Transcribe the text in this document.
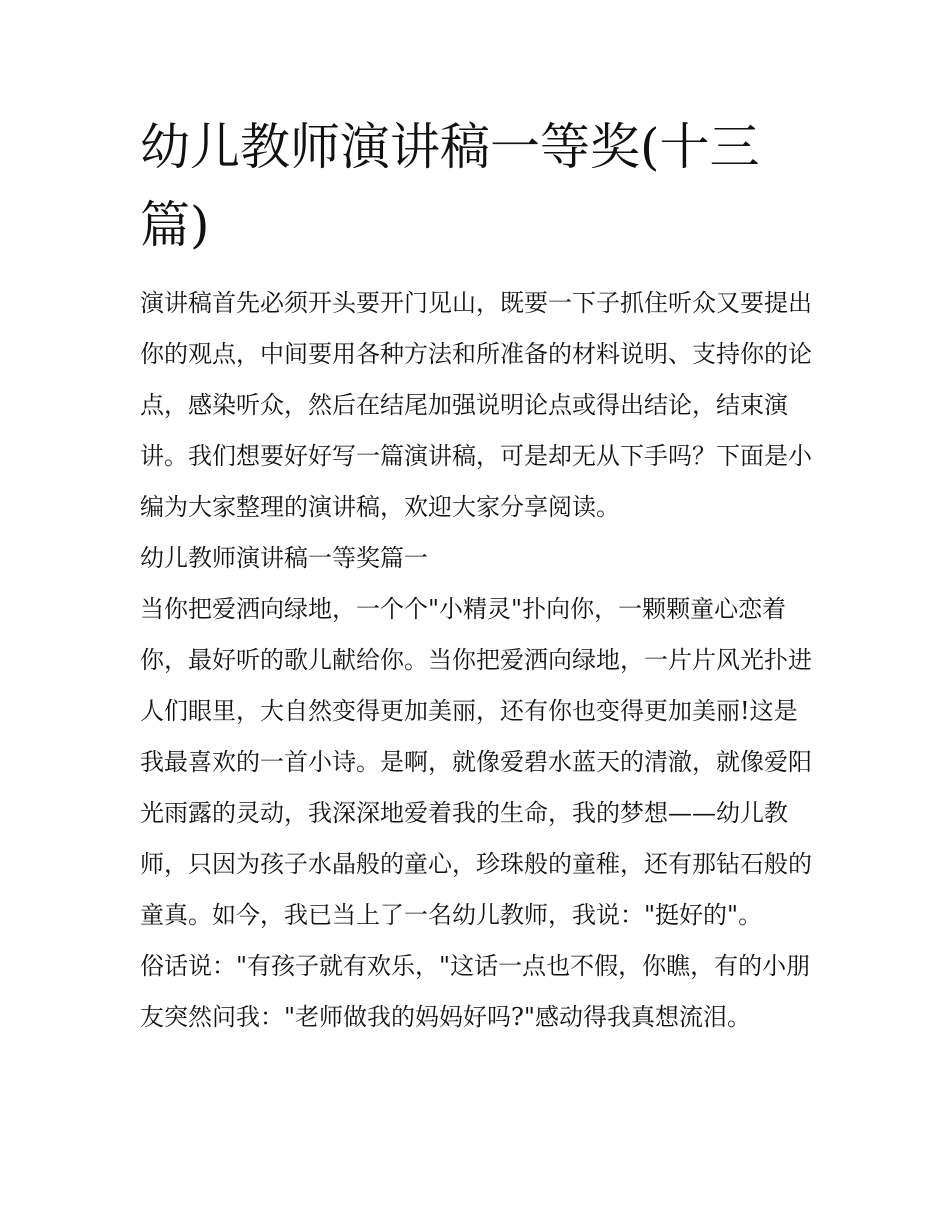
幼儿教师演讲稿一等奖(十三篇)

演讲稿首先必须开头要开门见山，既要一下子抓住听众又要提出你的观点，中间要用各种方法和所准备的材料说明、支持你的论点，感染听众，然后在结尾加强说明论点或得出结论，结束演讲。我们想要好好写一篇演讲稿，可是却无从下手吗？下面是小编为大家整理的演讲稿，欢迎大家分享阅读。

幼儿教师演讲稿一等奖篇一

当你把爱洒向绿地，一个个"小精灵"扑向你，一颗颗童心恋着你，最好听的歌儿献给你。当你把爱洒向绿地，一片片风光扑进人们眼里，大自然变得更加美丽，还有你也变得更加美丽!这是我最喜欢的一首小诗。是啊，就像爱碧水蓝天的清澈，就像爱阳光雨露的灵动，我深深地爱着我的生命，我的梦想——幼儿教师，只因为孩子水晶般的童心，珍珠般的童稚，还有那钻石般的童真。如今，我已当上了一名幼儿教师，我说："挺好的"。

俗话说："有孩子就有欢乐，"这话一点也不假，你瞧，有的小朋友突然问我："老师做我的妈妈好吗?"感动得我真想流泪。
